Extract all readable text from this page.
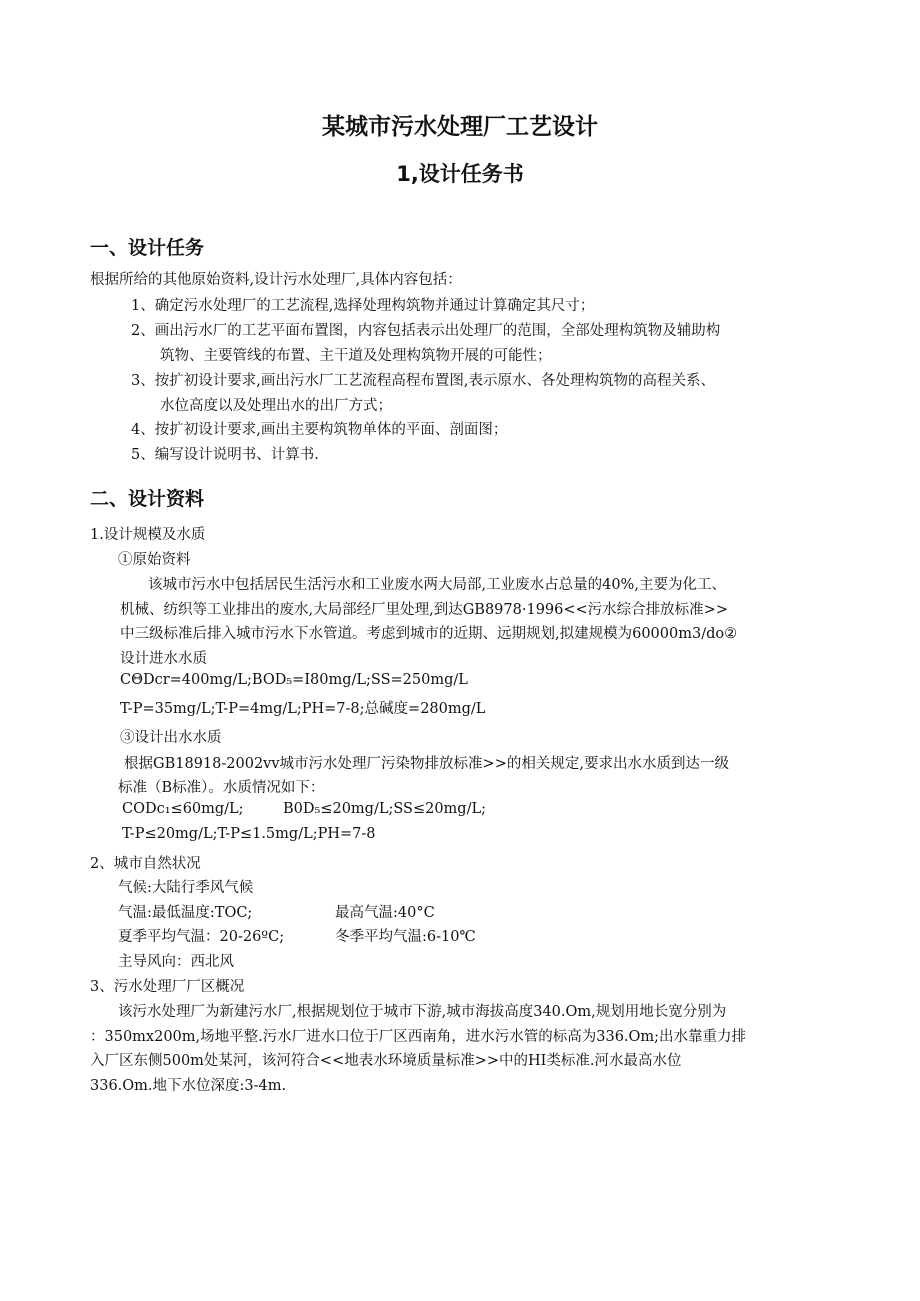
某城市污水处理厂工艺设计
1,设计任务书
一、设计任务
根据所给的其他原始资料,设计污水处理厂,具体内容包括：
1、确定污水处理厂的工艺流程,选择处理构筑物并通过计算确定其尺寸；
2、画出污水厂的工艺平面布置图，内容包括表示出处理厂的范围，全部处理构筑物及辅助构
筑物、主要管线的布置、主干道及处理构筑物开展的可能性；
3、按扩初设计要求,画出污水厂工艺流程高程布置图,表示原水、各处理构筑物的高程关系、
水位高度以及处理出水的出厂方式；
4、按扩初设计要求,画出主要构筑物单体的平面、剖面图；
5、编写设计说明书、计算书.
二、设计资料
1.设计规模及水质
①原始资料
该城市污水中包括居民生活污水和工业废水两大局部,工业废水占总量的40%,主要为化工、
机械、纺织等工业排出的废水,大局部经厂里处理,到达GB8978·1996<<污水综合排放标准>>
中三级标准后排入城市污水下水管道。考虑到城市的近期、远期规划,拟建规模为60000m3∕do②
设计进水水质
CΘDcr=400mg∕L;BOD₅=I80mg∕L;SS=250mg∕L
T-P=35mg∕L;T-P=4mg∕L;PH=7-8;总碱度=280mg∕L
③设计出水水质
根据GB18918-2002vv城市污水处理厂污染物排放标准>>的相关规定,要求出水水质到达一级
标准（B标准）。水质情况如下：
CODc₁≤60mg∕L;	B0D₅≤20mg∕L;SS≤20mg∕L;
T-P≤20mg∕L;T-P≤1.5mg/L;PH=7-8
2、城市自然状况
气候:大陆行季风气候
气温:最低温度:TOC;	最高气温:40°C
夏季平均气温：20-26ºC;	冬季平均气温:6-10℃
主导风向：西北风
3、污水处理厂厂区概况
该污水处理厂为新建污水厂,根据规划位于城市下游,城市海拔高度340.Om,规划用地长宽分别为
：350mx200m,场地平整.污水厂进水口位于厂区西南角，进水污水管的标高为336.Om;出水靠重力排
入厂区东侧500m处某河，该河符合<<地表水环境质量标准>>中的HI类标准.河水最高水位
336.Om.地下水位深度:3-4m.
